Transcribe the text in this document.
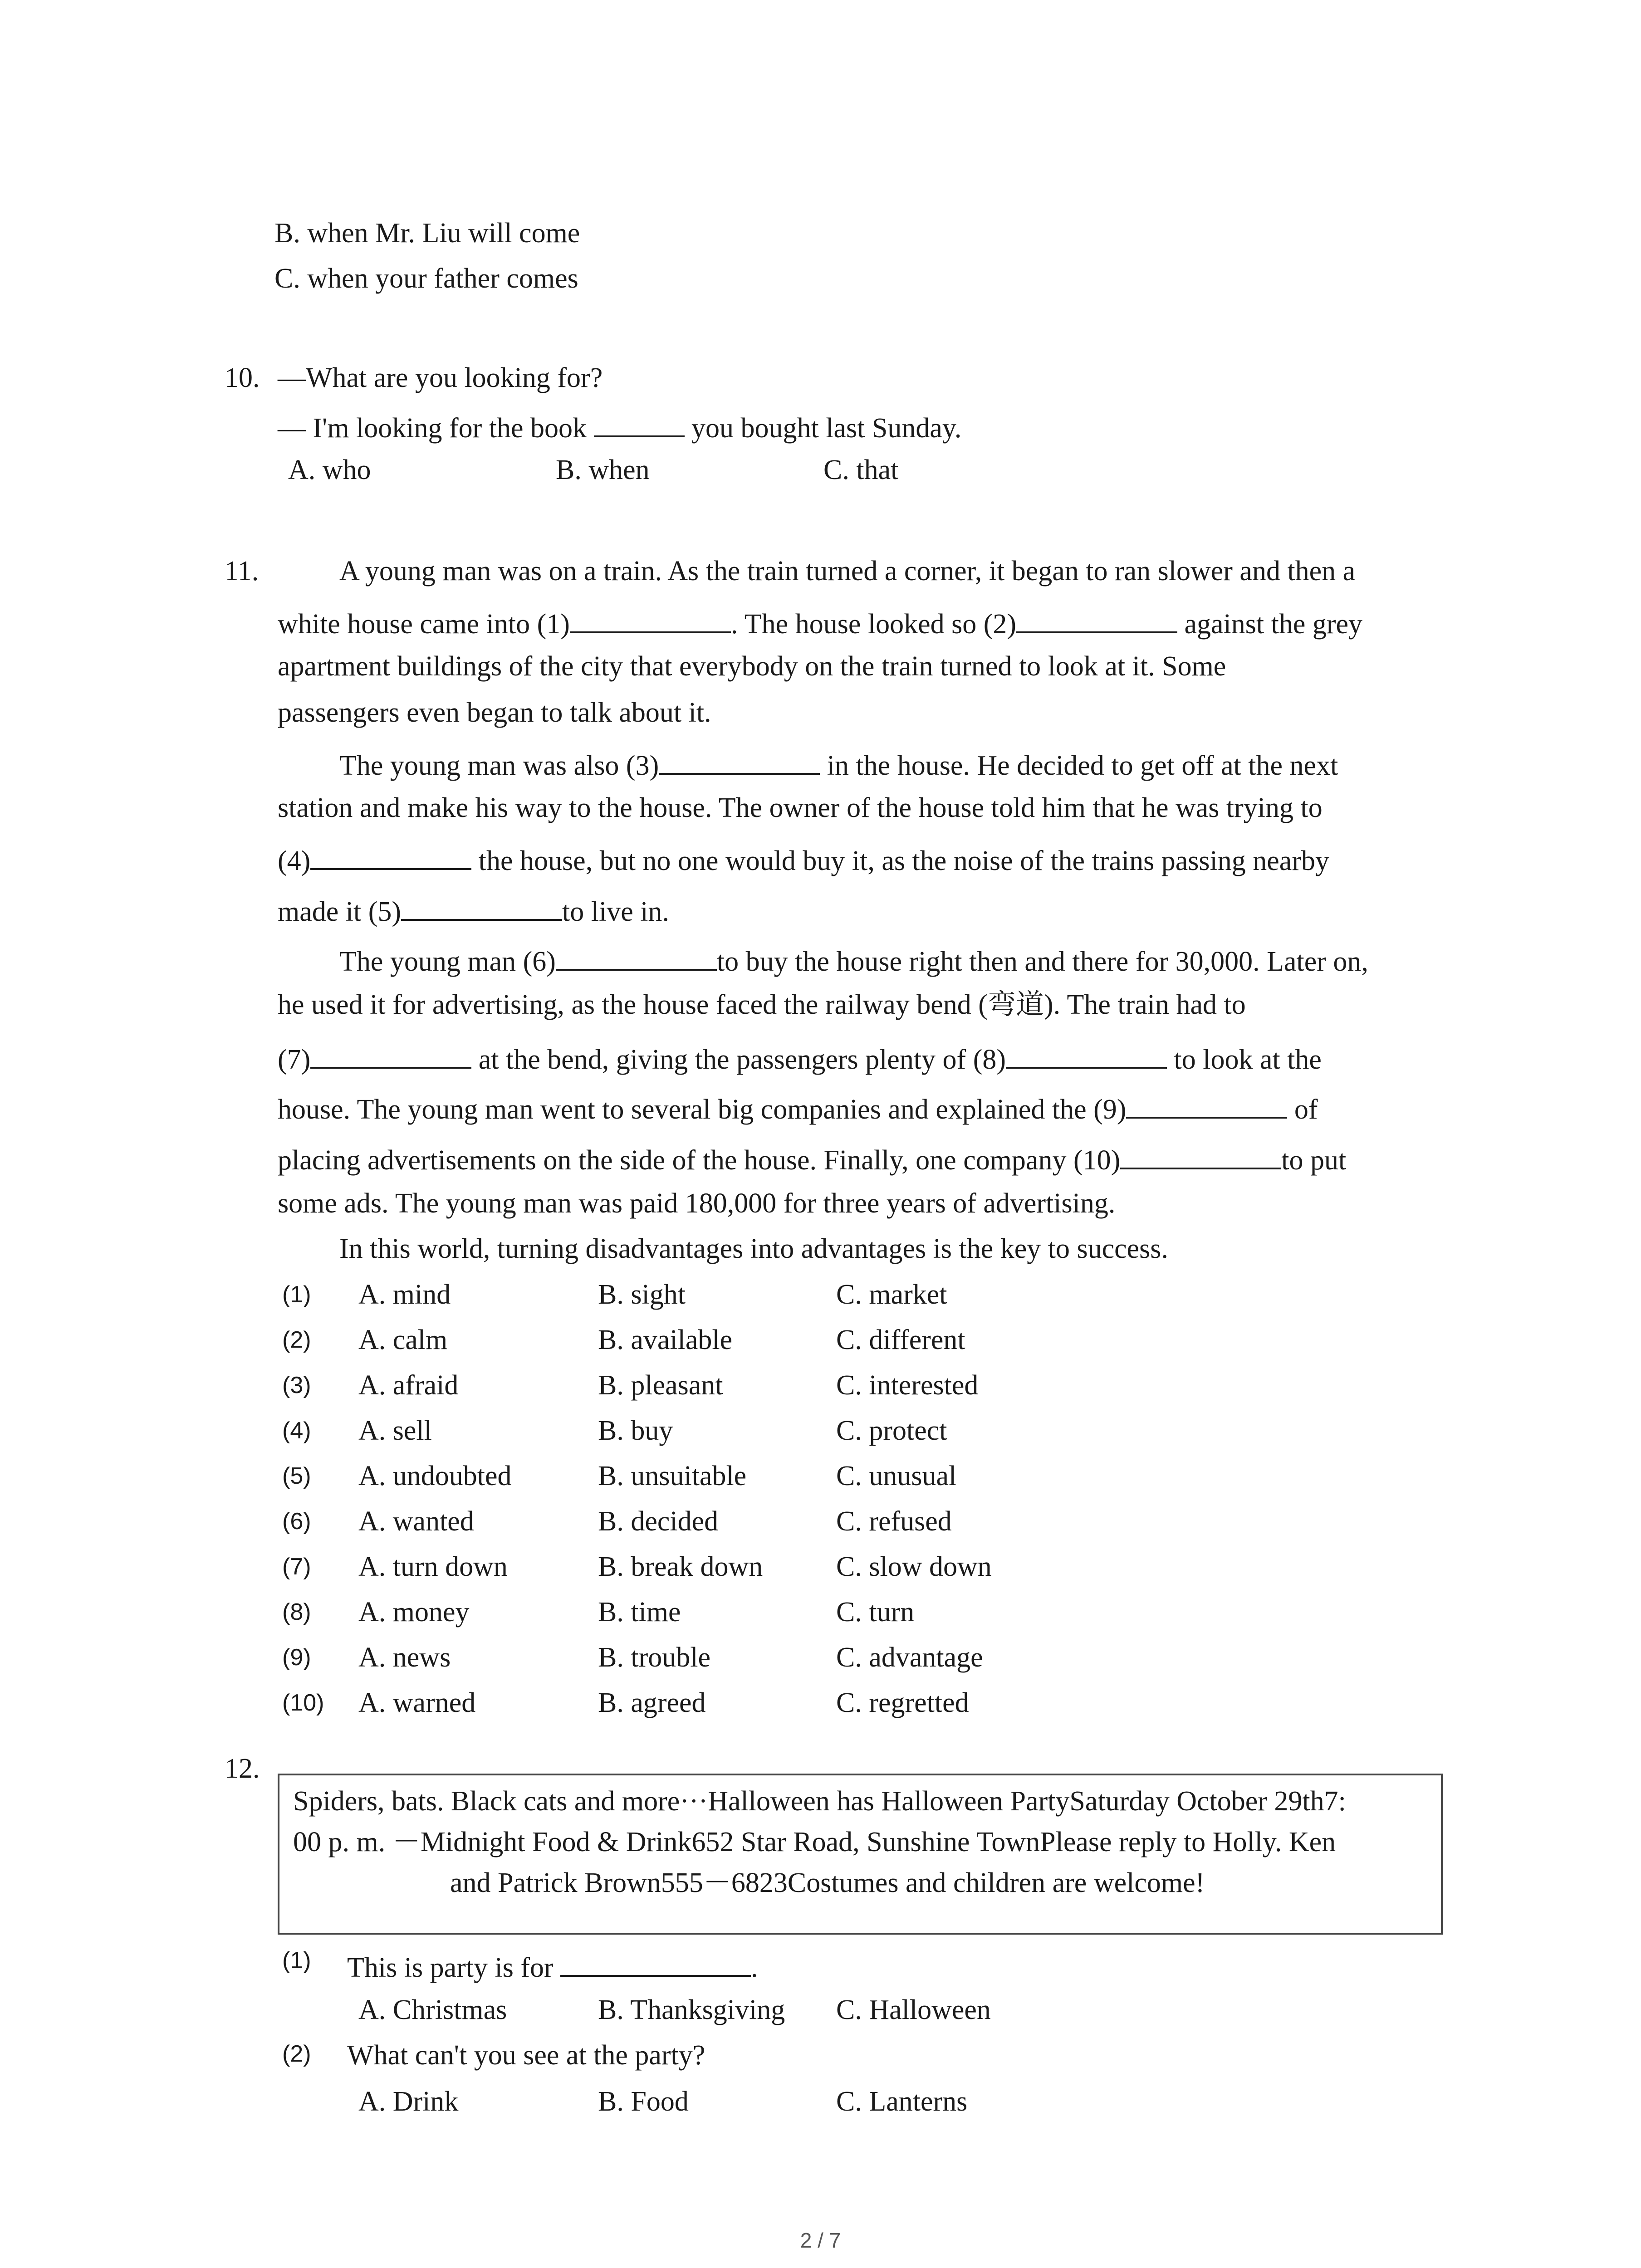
B. when Mr. Liu will come
C. when your father comes
10. —What are you looking for?
— I'm looking for the book	you bought last Sunday.
A. who	B. when	C. that
11.	A young man was on a train. As the train turned a corner, it began to ran slower and then a
white house came into (1)	. The house looked so (2)	against the grey
apartment buildings of the city that everybody on the train turned to look at it. Some
passengers even began to talk about it.
The young man was also (3)	in the house. He decided to get off at the next
station and make his way to the house. The owner of the house told him that he was trying to
(4)	the house, but no one would buy it, as the noise of the trains passing nearby
made it (5)	to live in.
The young man (6)	to buy the house right then and there for 30,000. Later on,
he used it for advertising, as the house faced the railway bend (弯道). The train had to
(7)	at the bend, giving the passengers plenty of (8)	to look at the
house. The young man went to several big companies and explained the (9)	of
placing advertisements on the side of the house. Finally, one company (10)	to put
some ads. The young man was paid 180,000 for three years of advertising.
In this world, turning disadvantages into advantages is the key to success.
(1) A. mind	B. sight	C. market
(2) A. calm	B. available	C. different
(3) A. afraid	B. pleasant	C. interested
(4) A. sell	B. buy	C. protect
(5) A. undoubted	B. unsuitable	C. unusual
(6) A. wanted	B. decided	C. refused
(7) A. turn down	B. break down	C. slow down
(8) A. money	B. time	C. turn
(9) A. news	B. trouble	C. advantage
(10) A. warned	B. agreed	C. regretted
12.
Spiders, bats. Black cats and more···Halloween has Halloween PartySaturday October 29th7:
00 p. m. －Midnight Food & Drink652 Star Road, Sunshine TownPlease reply to Holly. Ken
and Patrick Brown555－6823Costumes and children are welcome!
(1) This is party is for	.
A. Christmas	B. Thanksgiving C. Halloween
(2) What can't you see at the party?
A. Drink	B. Food	C. Lanterns
2 / 7
